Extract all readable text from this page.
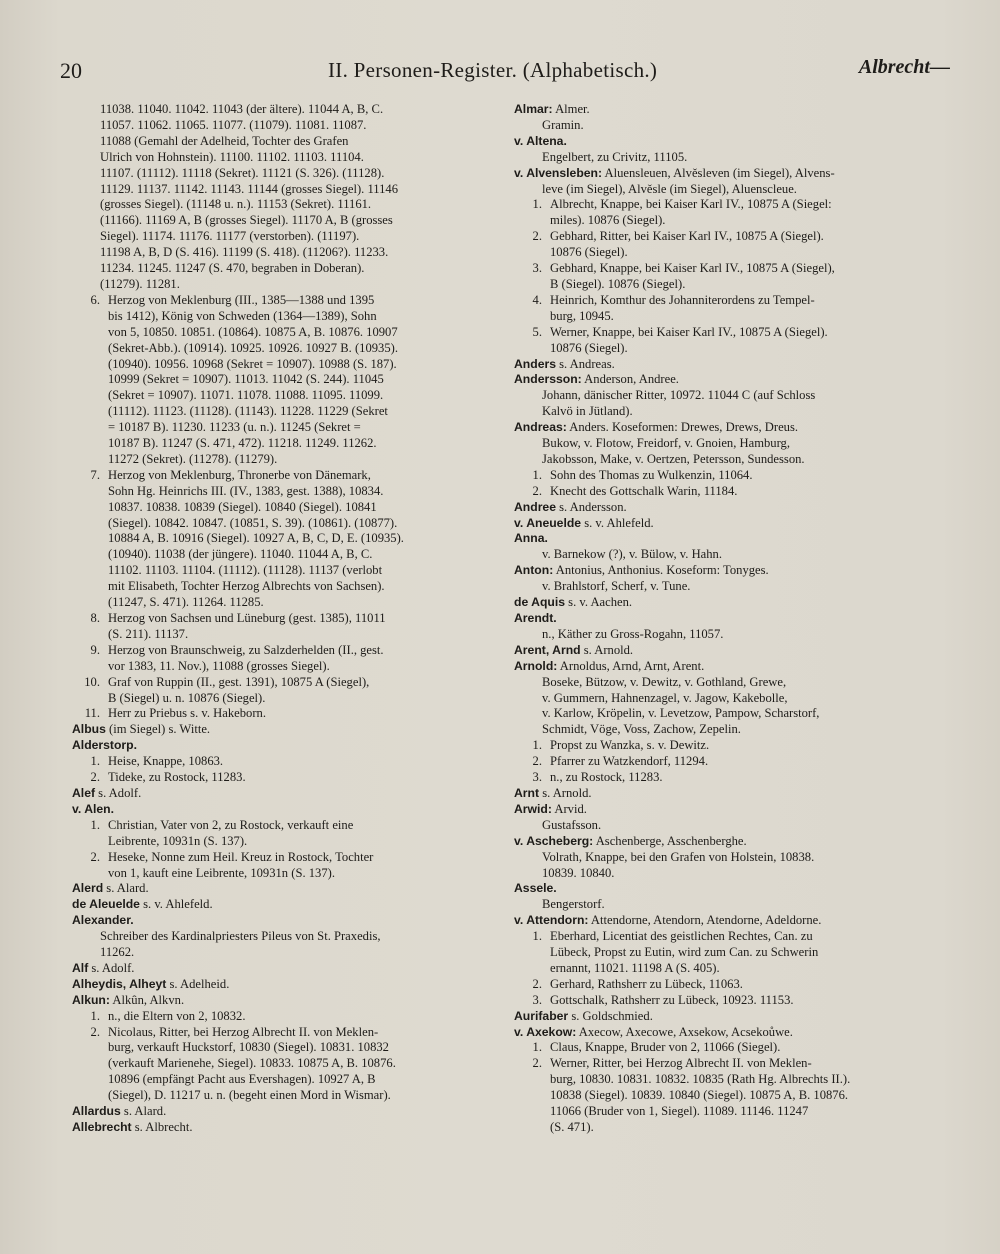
20	II. Personen-Register. (Alphabetisch.)	Albrecht—
11038. 11040. 11042. 11043 (der ältere). 11044 A, B, C.
11057. 11062. 11065. 11077. (11079). 11081. 11087.
11088 (Gemahl der Adelheid, Tochter des Grafen
Ulrich von Hohnstein). 11100. 11102. 11103. 11104.
11107. (11112). 11118 (Sekret). 11121 (S. 326). (11128).
11129. 11137. 11142. 11143. 11144 (grosses Siegel). 11146
(grosses Siegel). (11148 u. n.). 11153 (Sekret). 11161.
(11166). 11169 A, B (grosses Siegel). 11170 A, B (grosses
Siegel). 11174. 11176. 11177 (verstorben). (11197).
11198 A, B, D (S. 416). 11199 (S. 418). (11206?). 11233.
11234. 11245. 11247 (S. 470, begraben in Doberan).
(11279). 11281.
6. Herzog von Meklenburg (III., 1385—1388 und 1395
bis 1412), König von Schweden (1364—1389), Sohn
von 5, 10850. 10851. (10864). 10875 A, B. 10876. 10907
(Sekret-Abb.). (10914). 10925. 10926. 10927 B. (10935).
(10940). 10956. 10968 (Sekret = 10907). 10988 (S. 187).
10999 (Sekret = 10907). 11013. 11042 (S. 244). 11045
(Sekret = 10907). 11071. 11078. 11088. 11095. 11099.
(11112). 11123. (11128). (11143). 11228. 11229 (Sekret
= 10187 B). 11230. 11233 (u. n.). 11245 (Sekret =
10187 B). 11247 (S. 471, 472). 11218. 11249. 11262.
11272 (Sekret). (11278). (11279).
7. Herzog von Meklenburg, Thronerbe von Dänemark,
Sohn Hg. Heinrichs III. (IV., 1383, gest. 1388), 10834.
10837. 10838. 10839 (Siegel). 10840 (Siegel). 10841
(Siegel). 10842. 10847. (10851, S. 39). (10861). (10877).
10884 A, B. 10916 (Siegel). 10927 A, B, C, D, E. (10935).
(10940). 11038 (der jüngere). 11040. 11044 A, B, C.
11102. 11103. 11104. (11112). (11128). 11137 (verlobt
mit Elisabeth, Tochter Herzog Albrechts von Sachsen).
(11247, S. 471). 11264. 11285.
8. Herzog von Sachsen und Lüneburg (gest. 1385), 11011
(S. 211). 11137.
9. Herzog von Braunschweig, zu Salzderhelden (II., gest.
vor 1383, 11. Nov.), 11088 (grosses Siegel).
10. Graf von Ruppin (II., gest. 1391), 10875 A (Siegel),
B (Siegel) u. n. 10876 (Siegel).
11. Herr zu Priebus s. v. Hakeborn.
Albus (im Siegel) s. Witte.
Alderstorp.
1. Heise, Knappe, 10863.
2. Tideke, zu Rostock, 11283.
Alef s. Adolf.
v. Alen.
1. Christian, Vater von 2, zu Rostock, verkauft eine
Leibrente, 10931n (S. 137).
2. Heseke, Nonne zum Heil. Kreuz in Rostock, Tochter
von 1, kauft eine Leibrente, 10931n (S. 137).
Alerd s. Alard.
de Aleuelde s. v. Ahlefeld.
Alexander.
Schreiber des Kardinalpriesters Pileus von St. Praxedis,
11262.
Alf s. Adolf.
Alheydis, Alheyt s. Adelheid.
Alkun: Alkûn, Alkvn.
1. n., die Eltern von 2, 10832.
2. Nicolaus, Ritter, bei Herzog Albrecht II. von Meklen-
burg, verkauft Huckstorf, 10830 (Siegel). 10831. 10832
(verkauft Marienehe, Siegel). 10833. 10875 A, B. 10876.
10896 (empfängt Pacht aus Evershagen). 10927 A, B
(Siegel), D. 11217 u. n. (begeht einen Mord in Wismar).
Allardus s. Alard.
Allebrecht s. Albrecht.
Almar: Almer.
Gramin.
v. Altena.
Engelbert, zu Crivitz, 11105.
v. Alvensleben: Aluensleuen, Alvěsleven (im Siegel), Alvens-
leve (im Siegel), Alvěsle (im Siegel), Aluenscleue.
1. Albrecht, Knappe, bei Kaiser Karl IV., 10875 A (Siegel:
miles). 10876 (Siegel).
2. Gebhard, Ritter, bei Kaiser Karl IV., 10875 A (Siegel).
10876 (Siegel).
3. Gebhard, Knappe, bei Kaiser Karl IV., 10875 A (Siegel),
B (Siegel). 10876 (Siegel).
4. Heinrich, Komthur des Johanniterordens zu Tempel-
burg, 10945.
5. Werner, Knappe, bei Kaiser Karl IV., 10875 A (Siegel).
10876 (Siegel).
Anders s. Andreas.
Andersson: Anderson, Andree.
Johann, dänischer Ritter, 10972. 11044 C (auf Schloss
Kalvö in Jütland).
Andreas: Anders. Koseformen: Drewes, Drews, Dreus.
Bukow, v. Flotow, Freidorf, v. Gnoien, Hamburg,
Jakobsson, Make, v. Oertzen, Petersson, Sundesson.
1. Sohn des Thomas zu Wulkenzin, 11064.
2. Knecht des Gottschalk Warin, 11184.
Andree s. Andersson.
v. Aneuelde s. v. Ahlefeld.
Anna.
v. Barnekow (?), v. Bülow, v. Hahn.
Anton: Antonius, Anthonius. Koseform: Tonyges.
v. Brahlstorf, Scherf, v. Tune.
de Aquis s. v. Aachen.
Arendt.
n., Käther zu Gross-Rogahn, 11057.
Arent, Arnd s. Arnold.
Arnold: Arnoldus, Arnd, Arnt, Arent.
Boseke, Bützow, v. Dewitz, v. Gothland, Grewe,
v. Gummern, Hahnenzagel, v. Jagow, Kakebolle,
v. Karlow, Kröpelin, v. Levetzow, Pampow, Scharstorf,
Schmidt, Vöge, Voss, Zachow, Zepelin.
1. Propst zu Wanzka, s. v. Dewitz.
2. Pfarrer zu Watzkendorf, 11294.
3. n., zu Rostock, 11283.
Arnt s. Arnold.
Arwid: Arvid.
Gustafsson.
v. Ascheberg: Aschenberge, Asschenberghe.
Volrath, Knappe, bei den Grafen von Holstein, 10838.
10839. 10840.
Assele.
Bengerstorf.
v. Attendorn: Attendorne, Atendorn, Atendorne, Adeldorne.
1. Eberhard, Licentiat des geistlichen Rechtes, Can. zu
Lübeck, Propst zu Eutin, wird zum Can. zu Schwerin
ernannt, 11021. 11198 A (S. 405).
2. Gerhard, Rathsherr zu Lübeck, 11063.
3. Gottschalk, Rathsherr zu Lübeck, 10923. 11153.
Aurifaber s. Goldschmied.
v. Axekow: Axecow, Axecowe, Axsekow, Acsekoůwe.
1. Claus, Knappe, Bruder von 2, 11066 (Siegel).
2. Werner, Ritter, bei Herzog Albrecht II. von Meklen-
burg, 10830. 10831. 10832. 10835 (Rath Hg. Albrechts II.).
10838 (Siegel). 10839. 10840 (Siegel). 10875 A, B. 10876.
11066 (Bruder von 1, Siegel). 11089. 11146. 11247
(S. 471).
